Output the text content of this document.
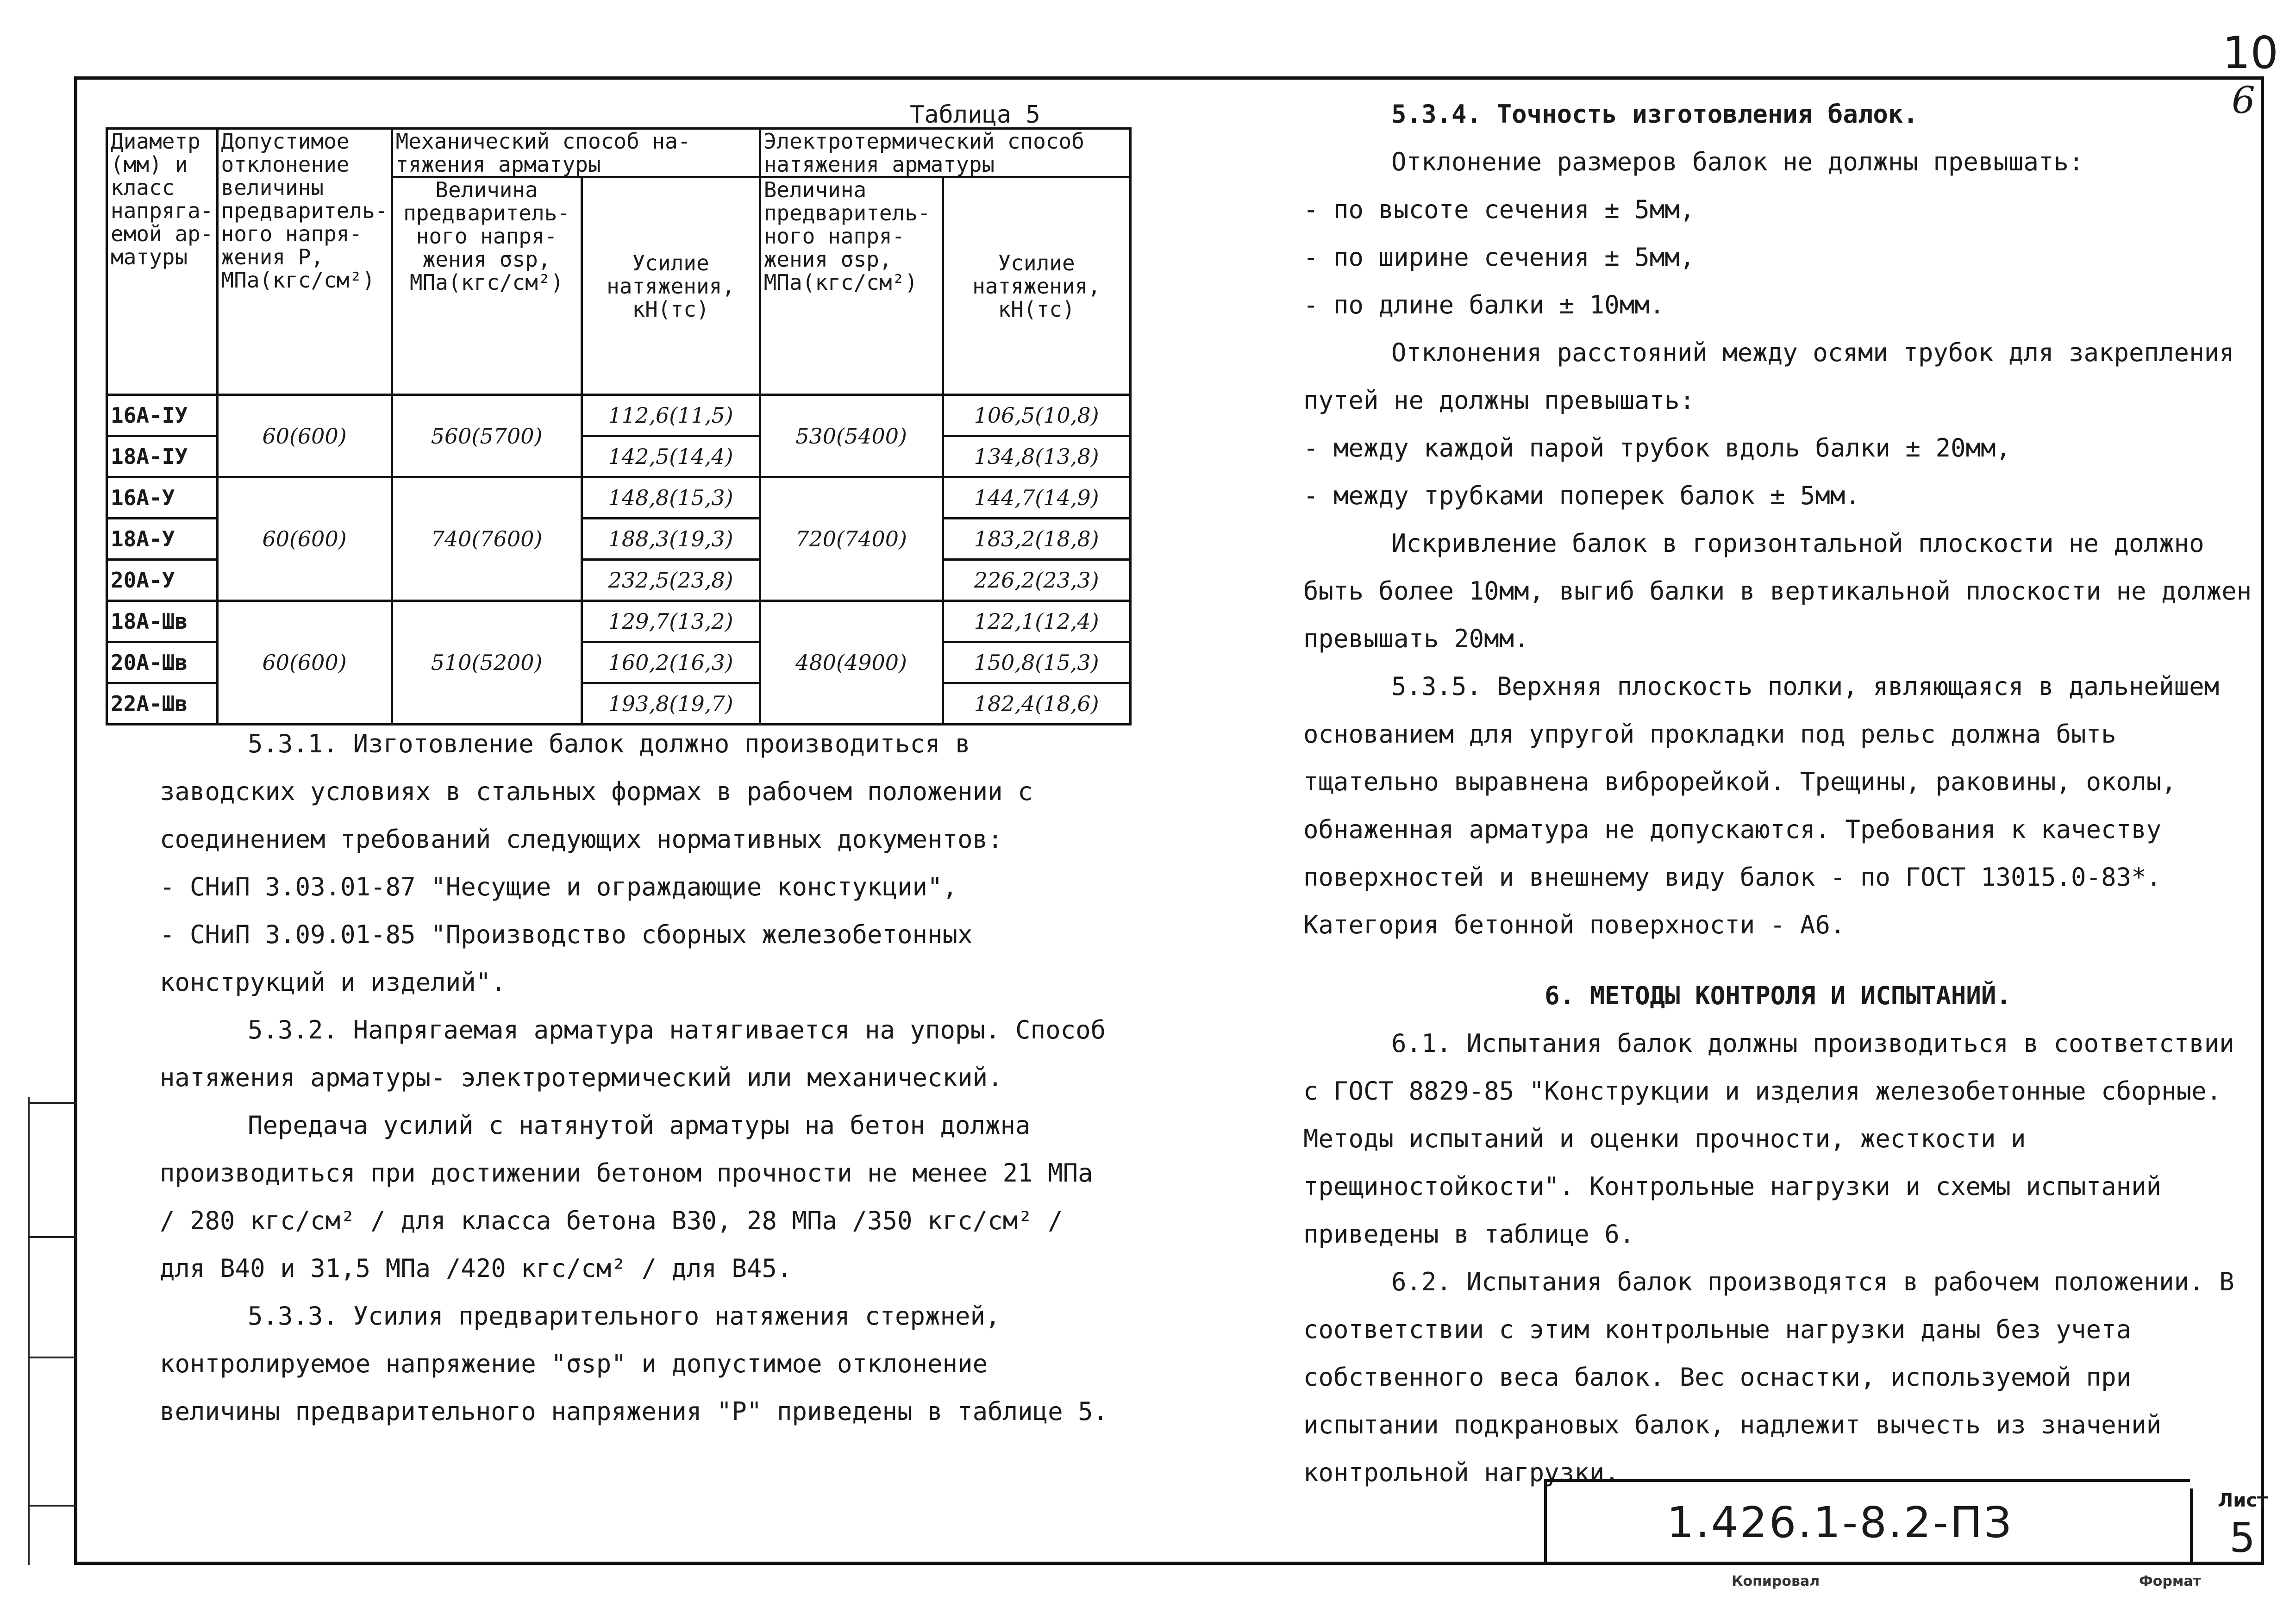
10
6
Таблица 5
Диаметр (мм) и класс напряга- емой ар- матуры	Допустимое отклонение величины предваритель- ного напря- жения P, МПа(кгс/см²)	Механический способ на- тяжения арматуры		Электротермический способ натяжения арматуры	
		Величина предваритель- ного напря- жения σsp, МПа(кгс/см²)	Усилие натяжения, кН(тс)	Величина предваритель- ного напря- жения σsp, МПа(кгс/см²)	Усилие натяжения, кН(тс)
16А-IУ	60(600)	560(5700)	112,6(11,5)	530(5400)	106,5(10,8)
18А-IУ			142,5(14,4)		134,8(13,8)
16А-У	60(600)	740(7600)	148,8(15,3)	720(7400)	144,7(14,9)
18А-У			188,3(19,3)		183,2(18,8)
20А-У			232,5(23,8)		226,2(23,3)
18А-Шв	60(600)	510(5200)	129,7(13,2)	480(4900)	122,1(12,4)
20А-Шв			160,2(16,3)		150,8(15,3)
22А-Шв			193,8(19,7)		182,4(18,6)

5.3.1. Изготовление балок должно производиться в заводских условиях в стальных формах в рабочем положении с соединением требований следующих нормативных документов:

- СНиП 3.03.01-87 "Несущие и ограждающие констукции",

- СНиП 3.09.01-85 "Производство сборных железобетонных конструкций и изделий".

5.3.2. Напрягаемая арматура натягивается на упоры. Способ натяжения арматуры- электротермический или механический.

Передача усилий с натянутой арматуры на бетон должна производиться при достижении бетоном прочности не менее 21 МПа / 280 кгс/см² / для класса бетона В30, 28 МПа /350 кгс/см² / для В40 и 31,5 МПа /420 кгс/см² / для В45.

5.3.3. Усилия предварительного натяжения стержней, контролируемое напряжение "σsp" и допустимое отклонение величины предварительного напряжения "P" приведены в таблице 5.

5.3.4. Точность изготовления балок.

Отклонение размеров балок не должны превышать:

- по высоте сечения ± 5мм,

- по ширине сечения ± 5мм,

- по длине балки ± 10мм.

Отклонения расстояний между осями трубок для закрепления путей не должны превышать:

- между каждой парой трубок вдоль балки ± 20мм,

- между трубками поперек балок ± 5мм.

Искривление балок в горизонтальной плоскости не должно быть более 10мм, выгиб балки в вертикальной плоскости не должен превышать 20мм.

5.3.5. Верхняя плоскость полки, являющаяся в дальнейшем основанием для упругой прокладки под рельс должна быть тщательно выравнена виброрейкой. Трещины, раковины, околы, обнаженная арматура не допускаются. Требования к качеству поверхностей и внешнему виду балок - по ГОСТ 13015.0-83*. Категория бетонной поверхности - А6.

6. МЕТОДЫ КОНТРОЛЯ И ИСПЫТАНИЙ.

6.1. Испытания балок должны производиться в соответствии с ГОСТ 8829-85 "Конструкции и изделия железобетонные сборные. Методы испытаний и оценки прочности, жесткости и трещиностойкости". Контрольные нагрузки и схемы испытаний приведены в таблице 6.

6.2. Испытания балок производятся в рабочем положении. В соответствии с этим контрольные нагрузки даны без учета собственного веса балок. Вес оснастки, используемой при испытании подкрановых балок, надлежит вычесть из значений контрольной нагрузки.

1.426.1-8.2-ПЗ	Лист
5
Копировал	Формат
